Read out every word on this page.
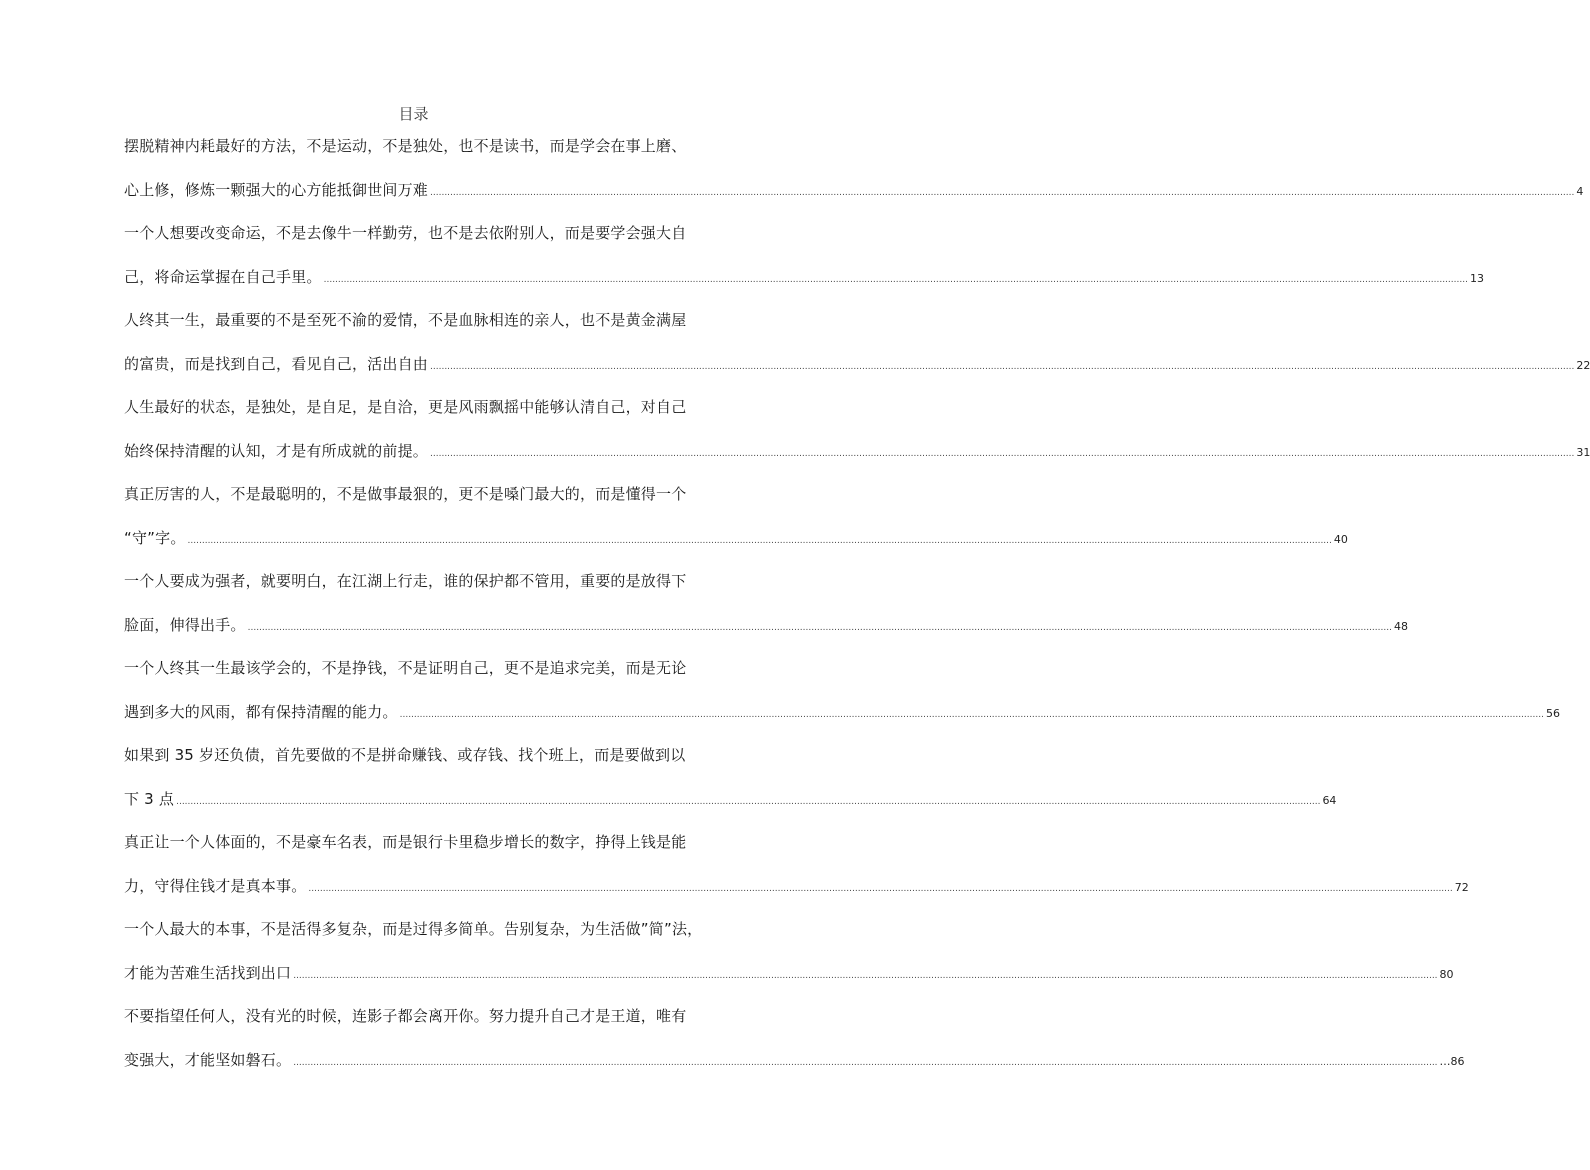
目录
摆脱精神内耗最好的方法，不是运动，不是独处，也不是读书，而是学会在事上磨、
心上修，修炼一颗强大的心方能抵御世间万难 ................................................................................................................................................................................................................................................................................................................................................................................................................ 4
一个人想要改变命运，不是去像牛一样勤劳，也不是去依附别人，而是要学会强大自
己，将命运掌握在自己手里。 ................................................................................................................................................................................................................................................................................................................................................................................................................ 13
人终其一生，最重要的不是至死不渝的爱情，不是血脉相连的亲人，也不是黄金满屋
的富贵，而是找到自己，看见自己，活出自由 ................................................................................................................................................................................................................................................................................................................................................................................................................ 22
人生最好的状态，是独处，是自足，是自洽，更是风雨飘摇中能够认清自己，对自己
始终保持清醒的认知，才是有所成就的前提。 ................................................................................................................................................................................................................................................................................................................................................................................................................ 31
真正厉害的人，不是最聪明的，不是做事最狠的，更不是嗓门最大的，而是懂得一个
“守”字。 ................................................................................................................................................................................................................................................................................................................................................................................................................ 40
一个人要成为强者，就要明白，在江湖上行走，谁的保护都不管用，重要的是放得下
脸面，伸得出手。 ................................................................................................................................................................................................................................................................................................................................................................................................................ 48
一个人终其一生最该学会的，不是挣钱，不是证明自己，更不是追求完美，而是无论
遇到多大的风雨，都有保持清醒的能力。 ................................................................................................................................................................................................................................................................................................................................................................................................................ 56
如果到 35 岁还负债，首先要做的不是拼命赚钱、或存钱、找个班上，而是要做到以
下 3 点 ................................................................................................................................................................................................................................................................................................................................................................................................................ 64
真正让一个人体面的，不是豪车名表，而是银行卡里稳步增长的数字，挣得上钱是能
力，守得住钱才是真本事。 ................................................................................................................................................................................................................................................................................................................................................................................................................ 72
一个人最大的本事，不是活得多复杂，而是过得多简单。告别复杂，为生活做”简”法，
才能为苦难生活找到出口 ................................................................................................................................................................................................................................................................................................................................................................................................................ 80
不要指望任何人，没有光的时候，连影子都会离开你。努力提升自己才是王道，唯有
变强大，才能坚如磐石。 ................................................................................................................................................................................................................................................................................................................................................................................................................ …86
